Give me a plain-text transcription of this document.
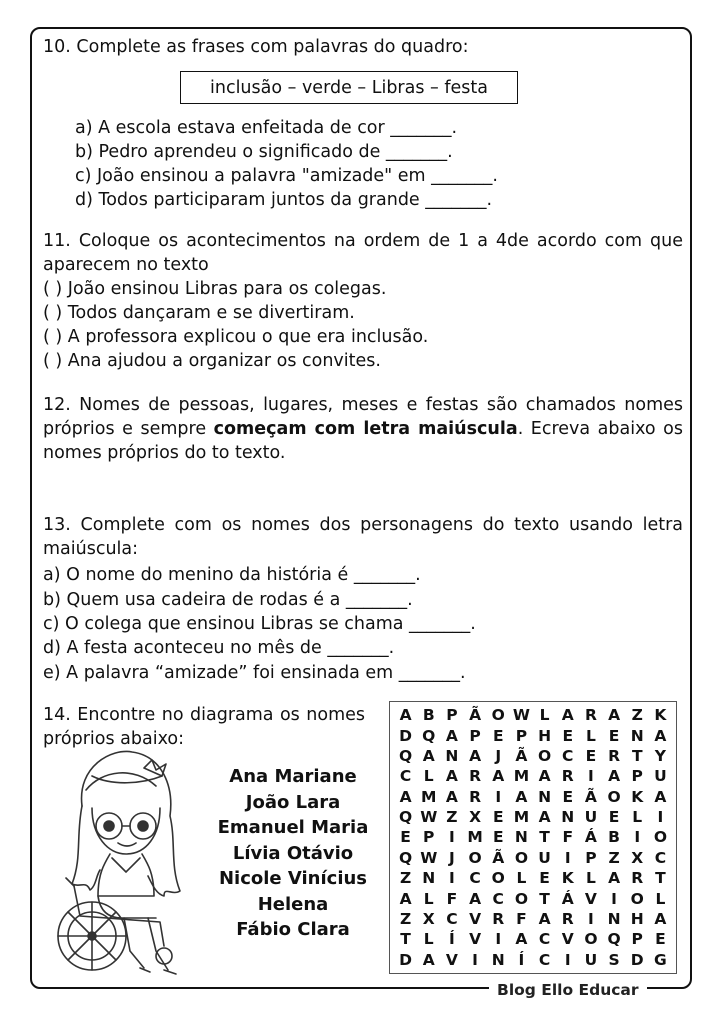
10. Complete as frases com palavras do quadro:

inclusão – verde – Libras – festa

a) A escola estava enfeitada de cor _______.

b) Pedro aprendeu o significado de _______.

c) João ensinou a palavra "amizade" em _______.

d) Todos participaram juntos da grande _______.

11. Coloque os acontecimentos na ordem de 1 a 4de acordo com que aparecem no texto

( ) João ensinou Libras para os colegas.

( ) Todos dançaram e se divertiram.

( ) A professora explicou o que era inclusão.

( ) Ana ajudou a organizar os convites.

12. Nomes de pessoas, lugares, meses e festas são chamados nomes próprios e sempre começam com letra maiúscula. Ecreva abaixo os nomes próprios do to texto.

13. Complete com os nomes dos personagens do texto usando letra maiúscula:

a) O nome do menino da história é _______.

b) Quem usa cadeira de rodas é a _______.

c) O colega que ensinou Libras se chama _______.

d) A festa aconteceu no mês de _______.

e) A palavra “amizade” foi ensinada em _______.

14. Encontre no diagrama os nomes próprios abaixo:

Ana Mariane
João Lara
Emanuel Maria
Lívia Otávio
Nicole Vinícius
Helena
Fábio Clara
A B P Ã O W L A R A Z K
D Q A P E P H E L E N A
Q A N A J Ã O C E R T Y
C L A R A M A R I A P U
A M A R I A N E Ã O K A
Q W Z X E M A N U E L I
E P I M E N T F Á B I O
Q W J O Ã O U I P Z X C
Z N I C O L E K L A R T
A L F A C O T Á V I O L
Z X C V R F A R I N H A
T L Í V I A C V O Q P E
D A V I N Í C I U S D G
Blog Ello Educar
